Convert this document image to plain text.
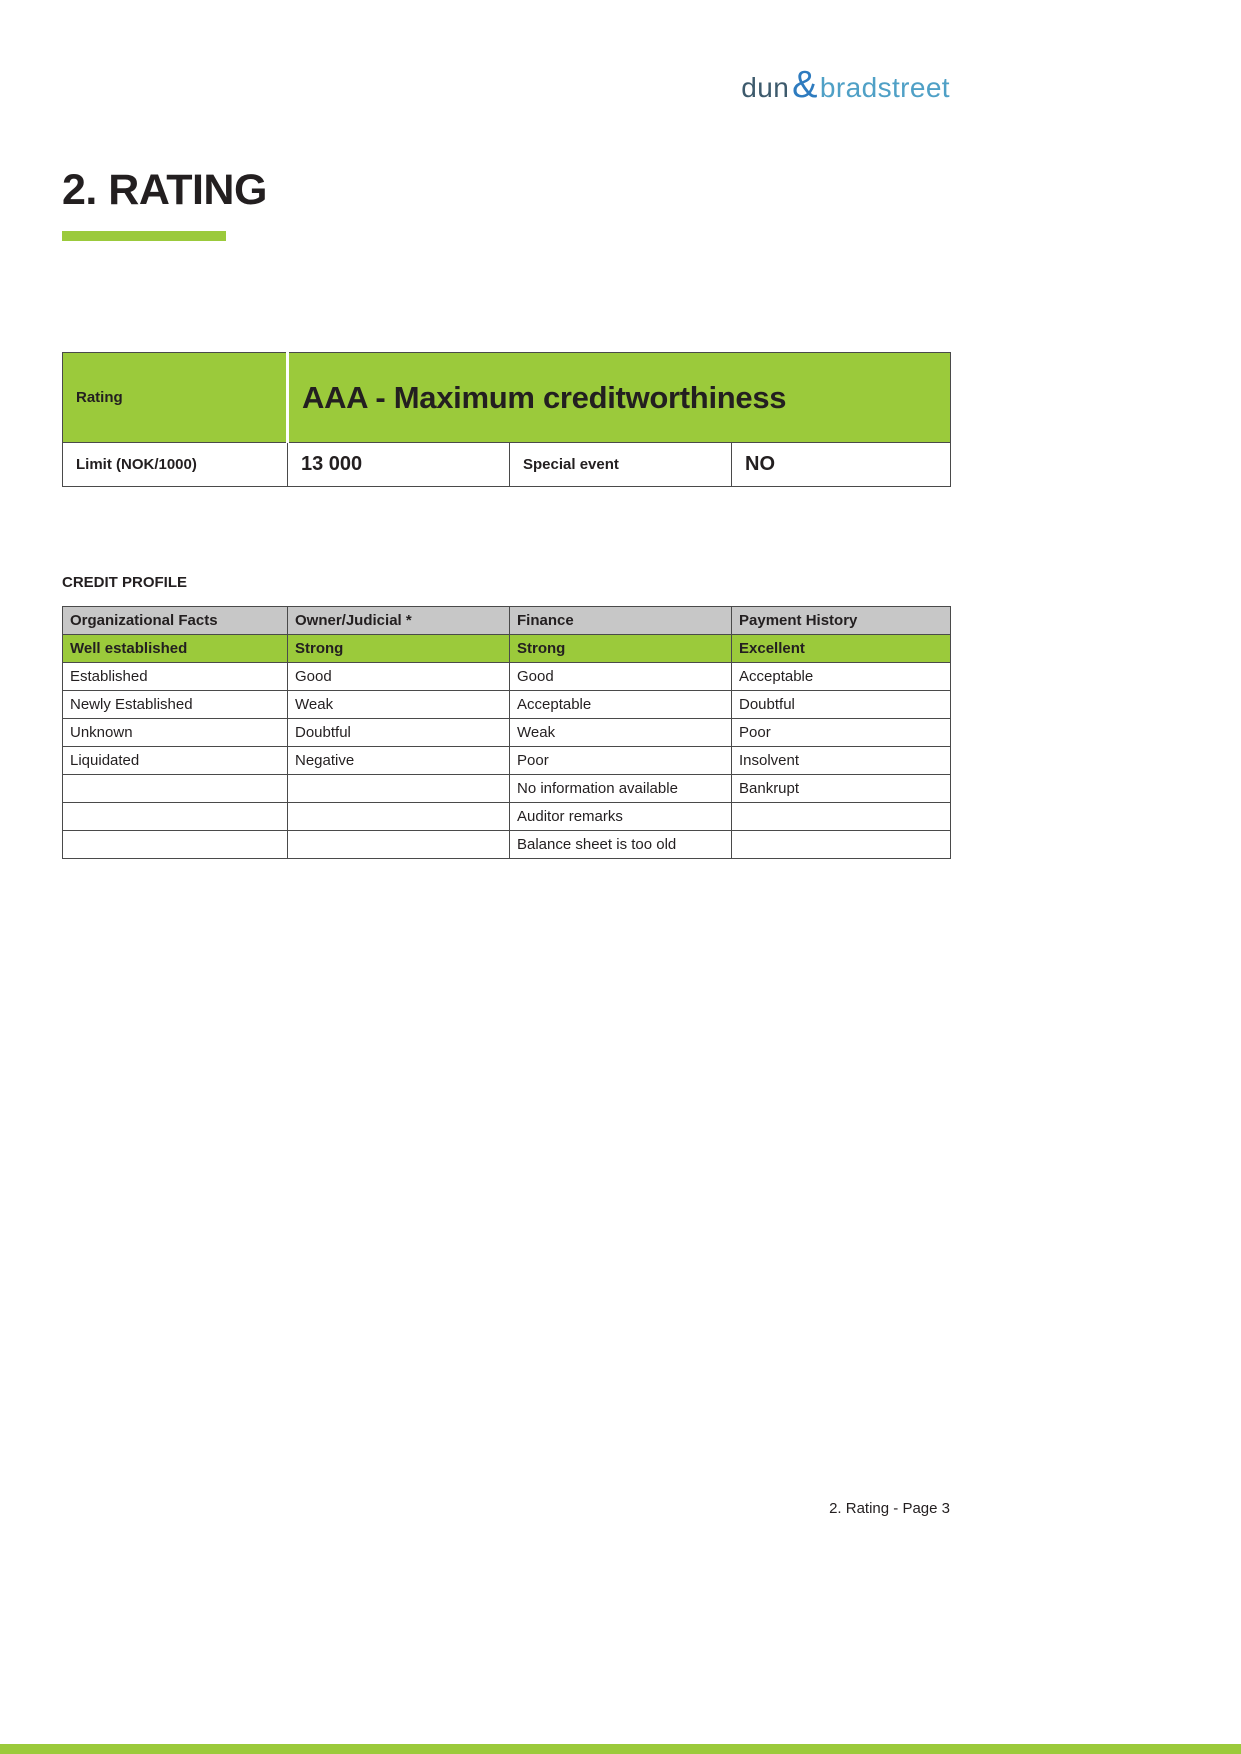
dun & bradstreet
2. RATING
Rating	AAA - Maximum creditworthiness		
Limit (NOK/1000)	13 000	Special event	NO
CREDIT PROFILE
Organizational Facts	Owner/Judicial *	Finance	Payment History
Well established	Strong	Strong	Excellent
Established	Good	Good	Acceptable
Newly Established	Weak	Acceptable	Doubtful
Unknown	Doubtful	Weak	Poor
Liquidated	Negative	Poor	Insolvent
		No information available	Bankrupt
		Auditor remarks	
		Balance sheet is too old	
2. Rating - Page 3
